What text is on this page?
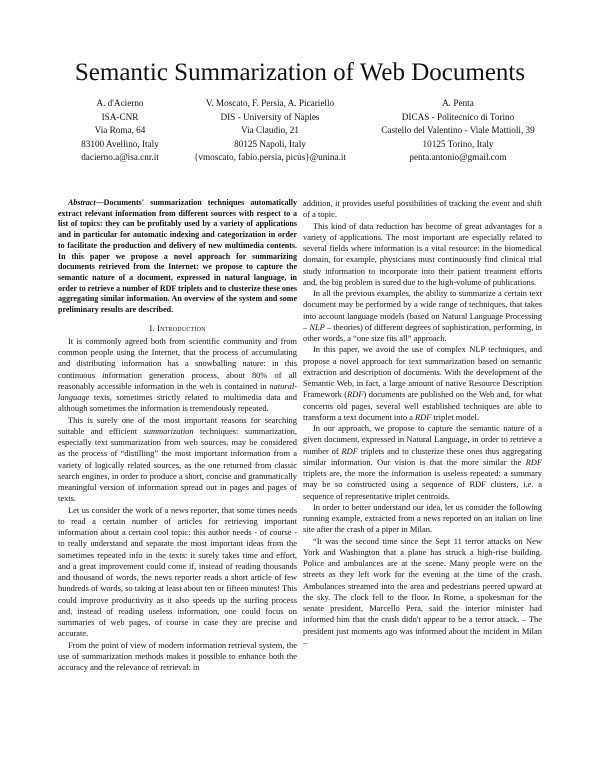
Semantic Summarization of Web Documents
A. d'Acierno
ISA-CNR
Via Roma, 64
83100 Avellino, Italy
dacierno.a@isa.cnr.it
V. Moscato, F. Persia, A. Picariello
DIS - University of Naples
Via Claudio, 21
80125 Napoli, Italy
{vmoscato, fabio.persia, picus}@unina.it
A. Penta
DICAS - Politecnico di Torino
Castello del Valentino - Viale Mattioli, 39
10125 Torino, Italy
penta.antonio@gmail.com

Abstract—Documents' summarization techniques automatically extract relevant information from different sources with respect to a list of topics: they can be profitably used by a variety of applications and in particular for automatic indexing and categorization in order to facilitate the production and delivery of new multimedia contents. In this paper we propose a novel approach for summarizing documents retrieved from the Internet: we propose to capture the semantic nature of a document, expressed in natural language, in order to retrieve a number of RDF triplets and to clusterize these ones aggregating similar information. An overview of the system and some preliminary results are described.

I. Introduction

It is commonly agreed both from scientific community and from common people using the Internet, that the process of accumulating and distributing information has a snowballing nature: in this continuous information generation process, about 80% of all reasonably accessible information in the web is contained in natural-language texts, sometimes strictly related to multimedia data and although sometimes the information is tremendously repeated.

This is surely one of the most important reasons for searching suitable and efficient summarization techniques: summarization, especially text summarization from web sources, may be considered as the process of “distilling” the most important information from a variety of logically related sources, as the one returned from classic search engines, in order to produce a short, concise and grammatically meaningful version of information spread out in pages and pages of texts.

Let us consider the work of a news reporter, that some times needs to read a certain number of articles for retrieving important information about a certain cool topic: this author needs - of course - to really understand and separate the most important ideas from the sometimes repeated info in the texts: it surely takes time and effort, and a great improvement could come if, instead of reading thousands and thousand of words, the news reporter reads a short article of few hundreds of words, so taking at least about ten or fifteen minutes! This could improve productivity as it also speeds up the surfing process and, instead of reading useless information, one could focus on summaries of web pages, of course in case they are precise and accurate.

From the point of view of modern information retrieval system, the use of summarization methods makes it possible to enhance both the accuracy and the relevance of retrieval: in

addition, it provides useful possibilities of tracking the event and shift of a topic.

This kind of data reduction has become of great advantages for a variety of applications. The most important are especially related to several fields where information is a vital resource: in the biomedical domain, for example, physicians must continuously find clinical trial study information to incorporate into their patient treatment efforts and, the big problem is sured due to the high-volume of publications.

In all the previous examples, the ability to summarize a certain text document may be performed by a wide range of techniques, that takes into account language models (based on Natural Language Processing – NLP – theories) of different degrees of sophistication, performing, in other words, a “one size fits all” approach.

In this paper, we avoid the use of complex NLP techniques, and propose a novel approach for text summarization based on semantic extraction and description of documents. With the development of the Semantic Web, in fact, a large amount of native Resource Description Framework (RDF) documents are published on the Web and, for what concerns old pages, several well established techniques are able to transform a text document into a RDF triplet model.

In our approach, we propose to capture the semantic nature of a given document, expressed in Natural Language, in order to retrieve a number of RDF triplets and to clusterize these ones thus aggregating similar information. Our vision is that the more similar the RDF triplets are, the more the information is useless repeated: a summary may be so constructed using a sequence of RDF clusters, i.e. a sequence of representative triplet centroids.

In order to better understand our idea, let us consider the following running example, extracted from a news reported on an italian on line site after the crash of a piper in Milan.

“It was the second time since the Sept 11 terror attacks on New York and Washington that a plane has struck a high-rise building. Police and ambulances are at the scene. Many people were on the streets as they left work for the evening at the time of the crash. Ambulances streamed into the area and pedestrians peered upward at the sky. The clock fell to the floor. In Rome, a spokesman for the senate president, Marcello Pera, said the interior minister had informed him that the crash didn't appear to be a terror attack. – The president just moments ago was informed about the incident in Milan –
